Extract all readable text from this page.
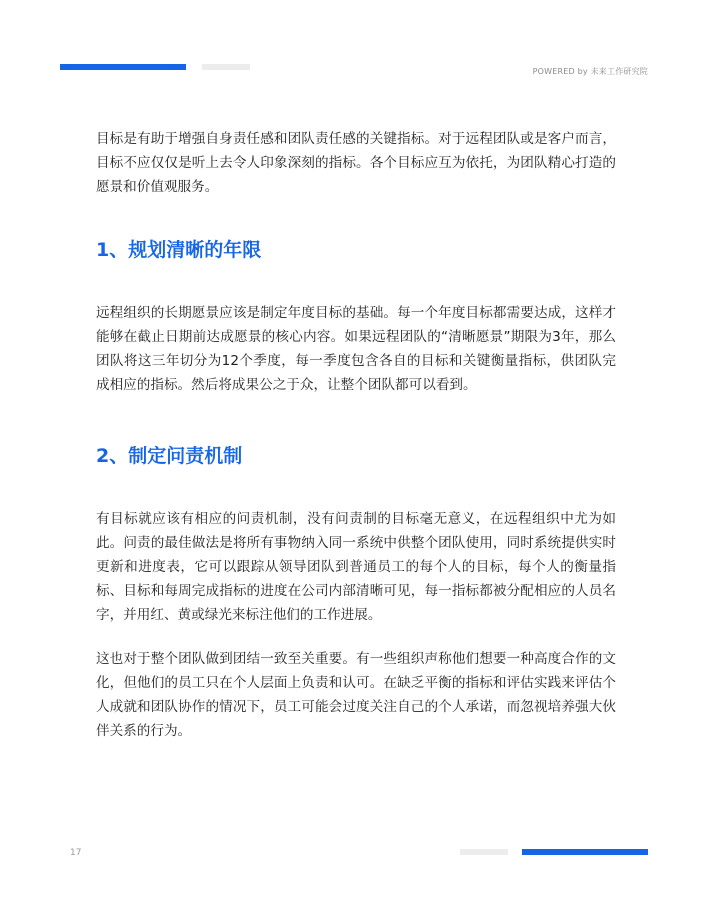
POWERED by 未来工作研究院

目标是有助于增强自身责任感和团队责任感的关键指标。对于远程团队或是客户而言，目标不应仅仅是听上去令人印象深刻的指标。各个目标应互为依托，为团队精心打造的愿景和价值观服务。

1、规划清晰的年限

远程组织的长期愿景应该是制定年度目标的基础。每一个年度目标都需要达成，这样才能够在截止日期前达成愿景的核心内容。如果远程团队的“清晰愿景”期限为3年，那么团队将这三年切分为12个季度，每一季度包含各自的目标和关键衡量指标，供团队完成相应的指标。然后将成果公之于众，让整个团队都可以看到。

2、制定问责机制

有目标就应该有相应的问责机制，没有问责制的目标毫无意义，在远程组织中尤为如此。问责的最佳做法是将所有事物纳入同一系统中供整个团队使用，同时系统提供实时更新和进度表，它可以跟踪从领导团队到普通员工的每个人的目标，每个人的衡量指标、目标和每周完成指标的进度在公司内部清晰可见，每一指标都被分配相应的人员名字，并用红、黄或绿光来标注他们的工作进展。

这也对于整个团队做到团结一致至关重要。有一些组织声称他们想要一种高度合作的文化，但他们的员工只在个人层面上负责和认可。在缺乏平衡的指标和评估实践来评估个人成就和团队协作的情况下，员工可能会过度关注自己的个人承诺，而忽视培养强大伙伴关系的行为。

17
